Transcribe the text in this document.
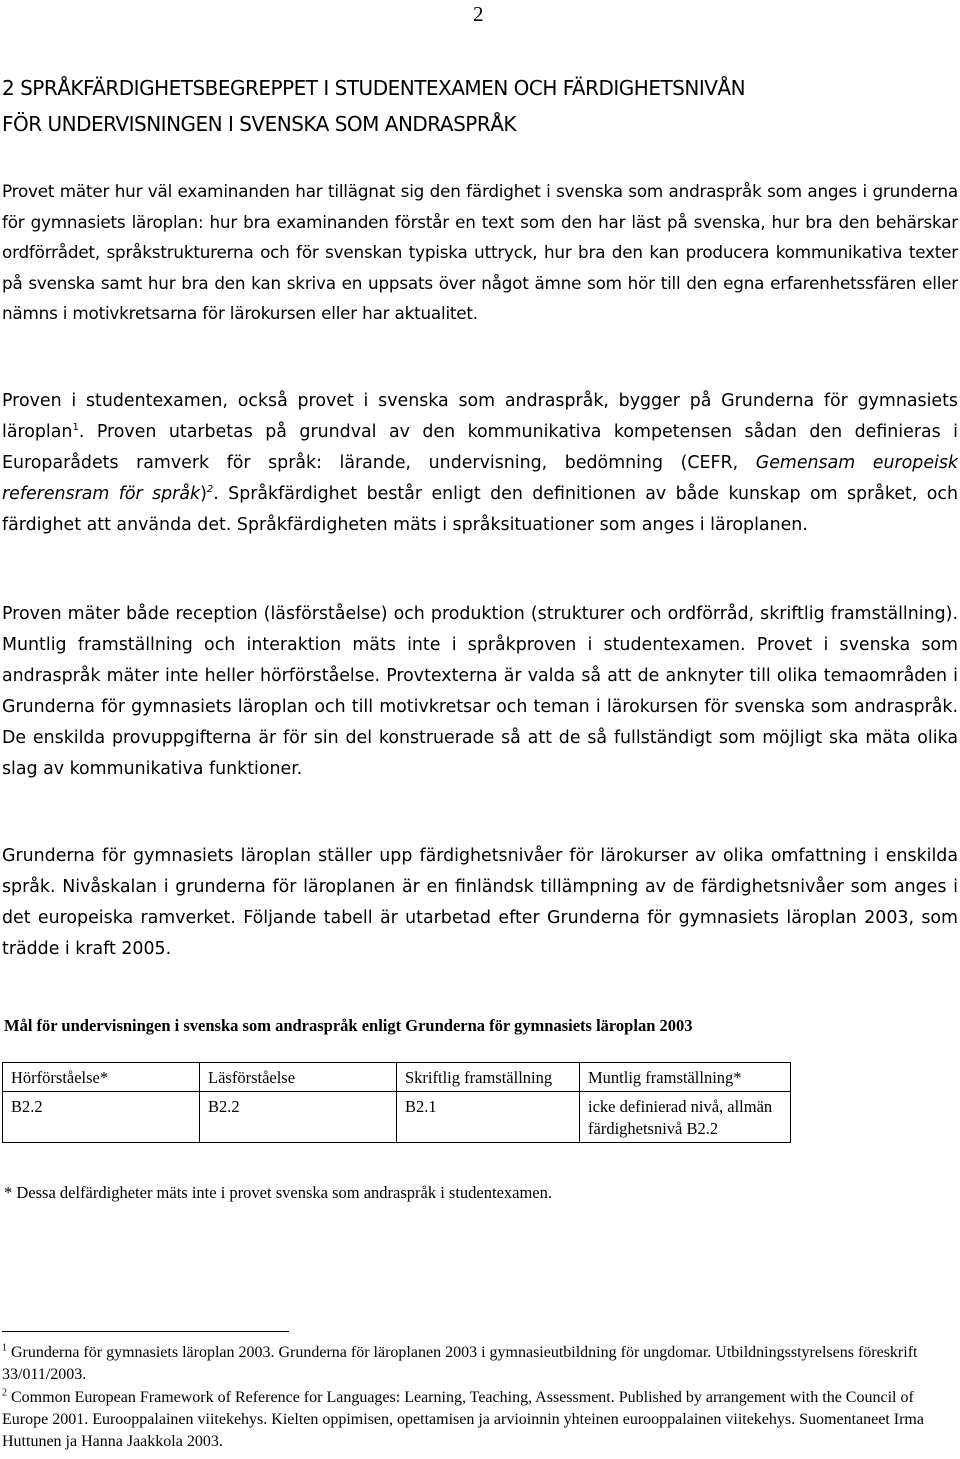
2
2 SPRÅKFÄRDIGHETSBEGREPPET I STUDENTEXAMEN OCH FÄRDIGHETSNIVÅN
FÖR UNDERVISNINGEN I SVENSKA SOM ANDRASPRÅK

Provet mäter hur väl examinanden har tillägnat sig den färdighet i svenska som andraspråk som anges i grunderna för gymnasiets läroplan: hur bra examinanden förstår en text som den har läst på svenska, hur bra den behärskar ordförrådet, språkstrukturerna och för svenskan typiska uttryck, hur bra den kan producera kommunikativa texter på svenska samt hur bra den kan skriva en uppsats över något ämne som hör till den egna erfarenhetssfären eller nämns i motivkretsarna för lärokursen eller har aktualitet.

Proven i studentexamen, också provet i svenska som andraspråk, bygger på Grunderna för gymnasiets läroplan$^1$. Proven utarbetas på grundval av den kommunikativa kompetensen sådan den definieras i Europarådets ramverk för språk: lärande, undervisning, bedömning (CEFR, Gemensam europeisk referensram för språk)$^2$. Språkfärdighet består enligt den definitionen av både kunskap om språket, och färdighet att använda det. Språkfärdigheten mäts i språksituationer som anges i läroplanen.

Proven mäter både reception (läsförståelse) och produktion (strukturer och ordförråd, skriftlig framställning). Muntlig framställning och interaktion mäts inte i språkproven i studentexamen. Provet i svenska som andraspråk mäter inte heller hörförståelse. Provtexterna är valda så att de anknyter till olika temaområden i Grunderna för gymnasiets läroplan och till motivkretsar och teman i lärokursen för svenska som andraspråk. De enskilda provuppgifterna är för sin del konstruerade så att de så fullständigt som möjligt ska mäta olika slag av kommunikativa funktioner.

Grunderna för gymnasiets läroplan ställer upp färdighetsnivåer för lärokurser av olika omfattning i enskilda språk. Nivåskalan i grunderna för läroplanen är en finländsk tillämpning av de färdighetsnivåer som anges i det europeiska ramverket. Följande tabell är utarbetad efter Grunderna för gymnasiets läroplan 2003, som trädde i kraft 2005.

Mål för undervisningen i svenska som andraspråk enligt Grunderna för gymnasiets läroplan 2003
Hörförståelse*	Läsförståelse	Skriftlig framställning	Muntlig framställning*
B2.2	B2.2	B2.1	icke definierad nivå, allmän färdighetsnivå B2.2
* Dessa delfärdigheter mäts inte i provet svenska som andraspråk i studentexamen.

$^1$ Grunderna för gymnasiets läroplan 2003. Grunderna för läroplanen 2003 i gymnasieutbildning för ungdomar. Utbildningsstyrelsens föreskrift 33/011/2003.

$^2$ Common European Framework of Reference for Languages: Learning, Teaching, Assessment. Published by arrangement with the Council of Europe 2001. Eurooppalainen viitekehys. Kielten oppimisen, opettamisen ja arvioinnin yhteinen eurooppalainen viitekehys. Suomentaneet Irma Huttunen ja Hanna Jaakkola 2003.
